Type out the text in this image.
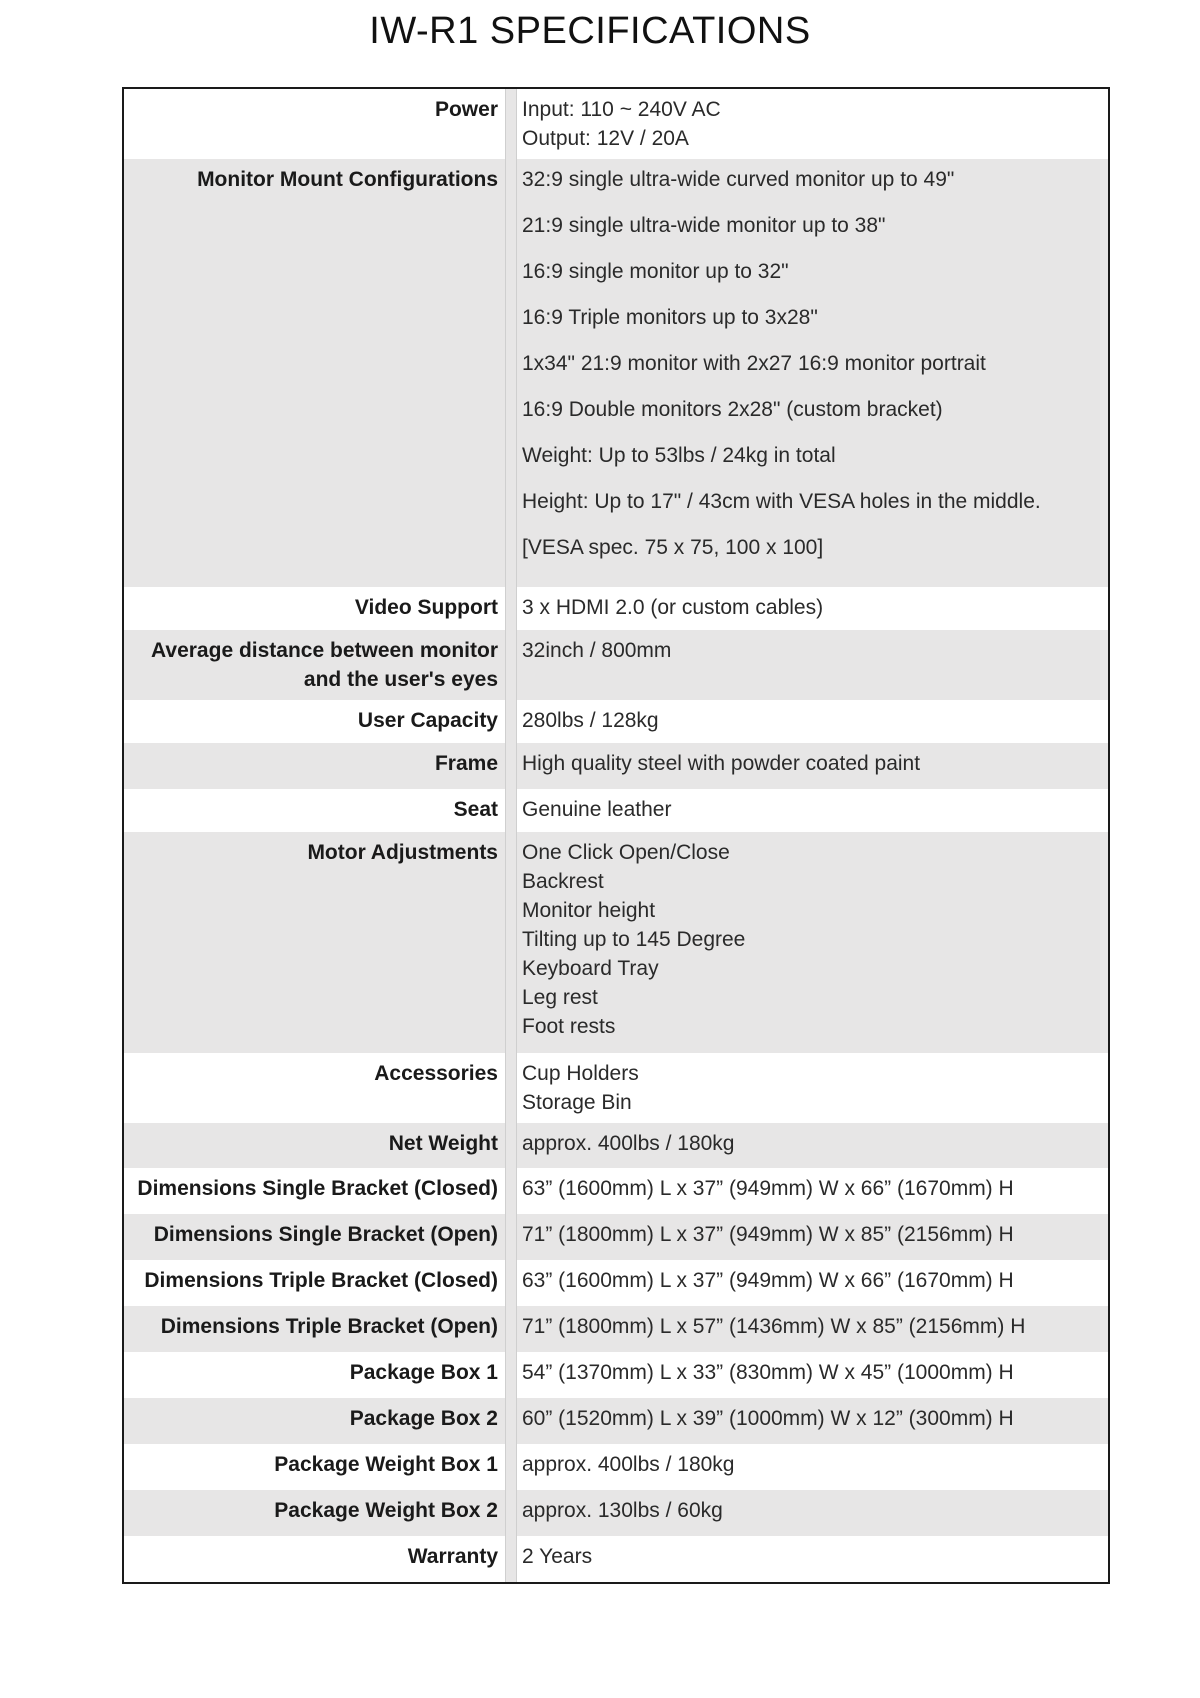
IW-R1 SPECIFICATIONS
Power Input: 110 ~ 240V AC
Output: 12V / 20A
Monitor Mount Configurations 32:9 single ultra-wide curved monitor up to 49"
21:9 single ultra-wide monitor up to 38"
16:9 single monitor up to 32"
16:9 Triple monitors up to 3x28"
1x34" 21:9 monitor with 2x27 16:9 monitor portrait
16:9 Double monitors 2x28" (custom bracket)
Weight: Up to 53lbs / 24kg in total
Height: Up to 17" / 43cm with VESA holes in the middle.
[VESA spec. 75 x 75, 100 x 100]
Video Support 3 x HDMI 2.0 (or custom cables)
Average distance between monitor and the user's eyes
32inch / 800mm
User Capacity 280lbs / 128kg
Frame High quality steel with powder coated paint
Seat Genuine leather
Motor Adjustments One Click Open/Close
Backrest
Monitor height
Tilting up to 145 Degree
Keyboard Tray
Leg rest
Foot rests
Accessories Cup Holders
Storage Bin
Net Weight approx. 400lbs / 180kg
Dimensions Single Bracket (Closed) 63” (1600mm) L x 37” (949mm) W x 66” (1670mm) H
Dimensions Single Bracket (Open) 71” (1800mm) L x 37” (949mm) W x 85” (2156mm) H
Dimensions Triple Bracket (Closed) 63” (1600mm) L x 37” (949mm) W x 66” (1670mm) H
Dimensions Triple Bracket (Open) 71” (1800mm) L x 57” (1436mm) W x 85” (2156mm) H
Package Box 1 54” (1370mm) L x 33” (830mm) W x 45” (1000mm) H
Package Box 2 60” (1520mm) L x 39” (1000mm) W x 12” (300mm) H
Package Weight Box 1 approx. 400lbs / 180kg
Package Weight Box 2 approx. 130lbs / 60kg
Warranty 2 Years
